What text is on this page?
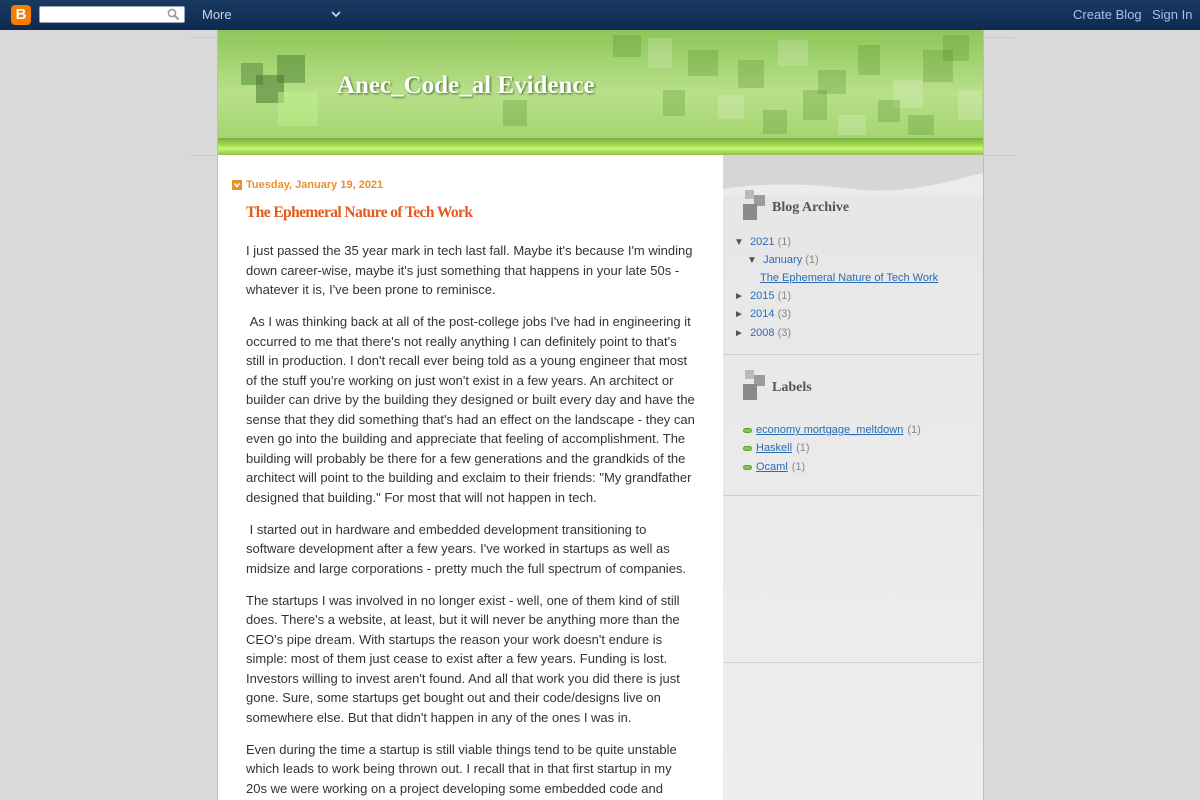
B	More	Create Blog Sign In
Anec_Code_al Evidence
Tuesday, January 19, 2021
The Ephemeral Nature of Tech Work

I just passed the 35 year mark in tech last fall. Maybe it's because I'm winding down career-wise, maybe it's just something that happens in your late 50s - whatever it is, I've been prone to reminisce.

As I was thinking back at all of the post-college jobs I've had in engineering it occurred to me that there's not really anything I can definitely point to that's still in production. I don't recall ever being told as a young engineer that most of the stuff you're working on just won't exist in a few years. An architect or builder can drive by the building they designed or built every day and have the sense that they did something that's had an effect on the landscape - they can even go into the building and appreciate that feeling of accomplishment. The building will probably be there for a few generations and the grandkids of the architect will point to the building and exclaim to their friends: "My grandfather designed that building." For most that will not happen in tech.

I started out in hardware and embedded development transitioning to software development after a few years. I've worked in startups as well as midsize and large corporations - pretty much the full spectrum of companies.

The startups I was involved in no longer exist - well, one of them kind of still does. There's a website, at least, but it will never be anything more than the CEO's pipe dream. With startups the reason your work doesn't endure is simple: most of them just cease to exist after a few years. Funding is lost. Investors willing to invest aren't found. And all that work you did there is just gone. Sure, some startups get bought out and their code/designs live on somewhere else. But that didn't happen in any of the ones I was in.

Even during the time a startup is still viable things tend to be quite unstable which leads to work being thrown out. I recall that in that first startup in my 20s we were working on a project developing some embedded code and

Blog Archive
▼ 2021 (1)
▼ January (1)
The Ephemeral Nature of Tech Work
► 2015 (1)
► 2014 (3)
► 2008 (3)
Labels
economy mortgage_meltdown (1)
Haskell (1)
Ocaml (1)
